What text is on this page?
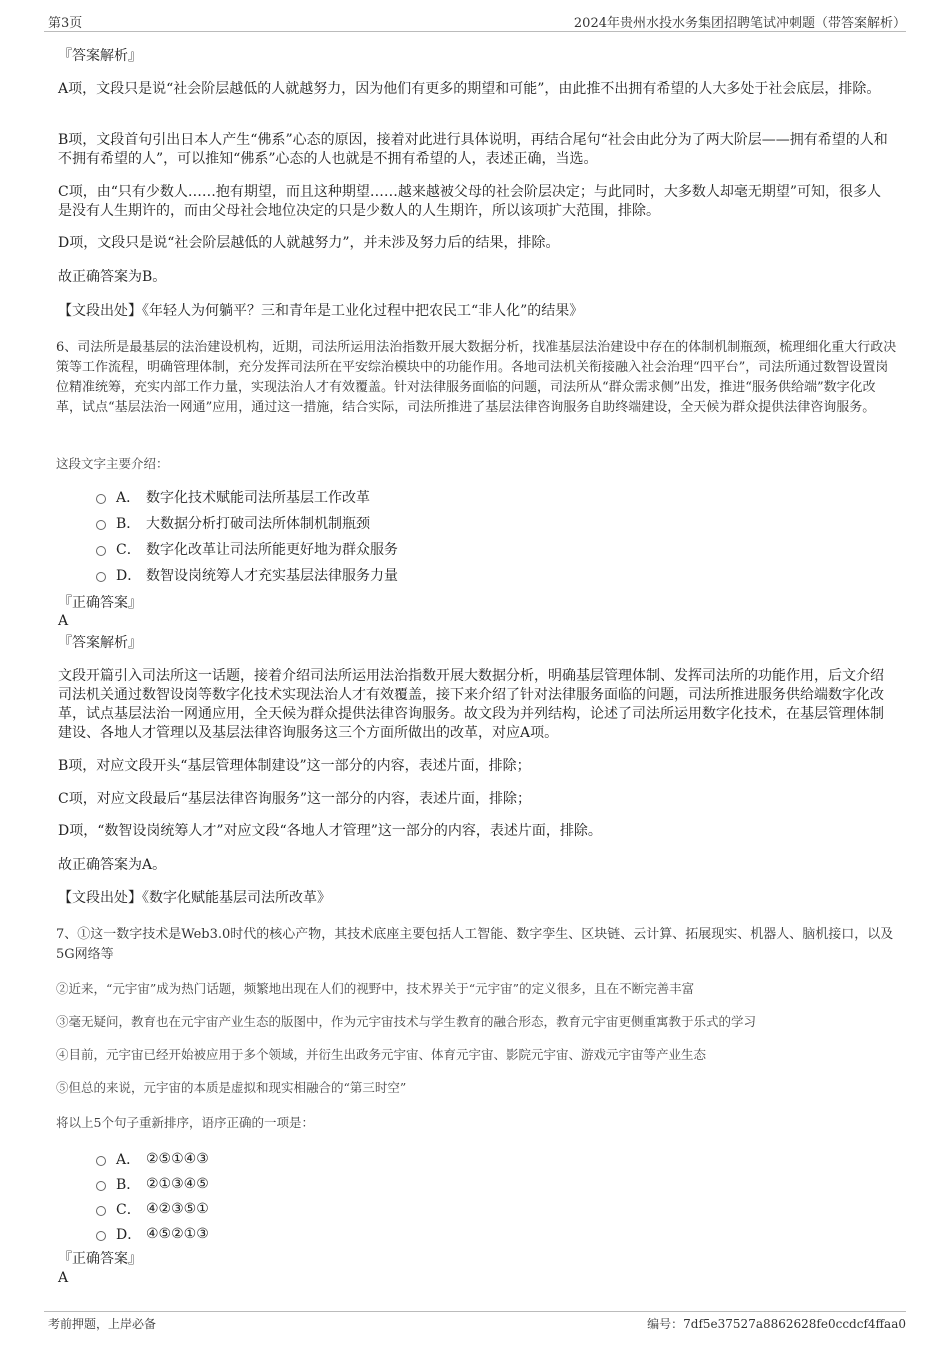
第3页	2024年贵州水投水务集团招聘笔试冲刺题（带答案解析）
『答案解析』

A项，文段只是说“社会阶层越低的人就越努力，因为他们有更多的期望和可能”，由此推不出拥有希望的人大多处于社会底层，排除。

B项，文段首句引出日本人产生“佛系”心态的原因，接着对此进行具体说明，再结合尾句“社会由此分为了两大阶层——拥有希望的人和不拥有希望的人”，可以推知“佛系”心态的人也就是不拥有希望的人，表述正确，当选。

C项，由“只有少数人……抱有期望，而且这种期望……越来越被父母的社会阶层决定；与此同时，大多数人却毫无期望”可知，很多人是没有人生期许的，而由父母社会地位决定的只是少数人的人生期许，所以该项扩大范围，排除。

D项，文段只是说“社会阶层越低的人就越努力”，并未涉及努力后的结果，排除。

故正确答案为B。

【文段出处】《年轻人为何躺平？三和青年是工业化过程中把农民工“非人化”的结果》

6、司法所是最基层的法治建设机构，近期，司法所运用法治指数开展大数据分析，找准基层法治建设中存在的体制机制瓶颈，梳理细化重大行政决策等工作流程，明确管理体制，充分发挥司法所在平安综治模块中的功能作用。各地司法机关衔接融入社会治理“四平台”，司法所通过数智设置岗位精准统筹，充实内部工作力量，实现法治人才有效覆盖。针对法律服务面临的问题，司法所从“群众需求侧”出发，推进“服务供给端”数字化改革，试点“基层法治一网通”应用，通过这一措施，结合实际，司法所推进了基层法律咨询服务自助终端建设，全天候为群众提供法律咨询服务。

这段文字主要介绍：

A． 数字化技术赋能司法所基层工作改革
B． 大数据分析打破司法所体制机制瓶颈
C． 数字化改革让司法所能更好地为群众服务
D． 数智设岗统筹人才充实基层法律服务力量
『正确答案』
A
『答案解析』

文段开篇引入司法所这一话题，接着介绍司法所运用法治指数开展大数据分析，明确基层管理体制、发挥司法所的功能作用，后文介绍司法机关通过数智设岗等数字化技术实现法治人才有效覆盖，接下来介绍了针对法律服务面临的问题，司法所推进服务供给端数字化改革，试点基层法治一网通应用，全天候为群众提供法律咨询服务。故文段为并列结构，论述了司法所运用数字化技术，在基层管理体制建设、各地人才管理以及基层法律咨询服务这三个方面所做出的改革，对应A项。

B项，对应文段开头“基层管理体制建设”这一部分的内容，表述片面，排除；

C项，对应文段最后“基层法律咨询服务”这一部分的内容，表述片面，排除；

D项，“数智设岗统筹人才”对应文段“各地人才管理”这一部分的内容，表述片面，排除。

故正确答案为A。

【文段出处】《数字化赋能基层司法所改革》

7、①这一数字技术是Web3.0时代的核心产物，其技术底座主要包括人工智能、数字孪生、区块链、云计算、拓展现实、机器人、脑机接口，以及5G网络等

②近来，“元宇宙”成为热门话题，频繁地出现在人们的视野中，技术界关于“元宇宙”的定义很多，且在不断完善丰富

③毫无疑问，教育也在元宇宙产业生态的版图中，作为元宇宙技术与学生教育的融合形态，教育元宇宙更侧重寓教于乐式的学习

④目前，元宇宙已经开始被应用于多个领域，并衍生出政务元宇宙、体育元宇宙、影院元宇宙、游戏元宇宙等产业生态

⑤但总的来说，元宇宙的本质是虚拟和现实相融合的“第三时空”

将以上5个句子重新排序，语序正确的一项是：

A． ②⑤①④③
B． ②①③④⑤
C． ④②③⑤①
D． ④⑤②①③
『正确答案』
A
考前押题，上岸必备	编号：7df5e37527a8862628fe0ccdcf4ffaa0
